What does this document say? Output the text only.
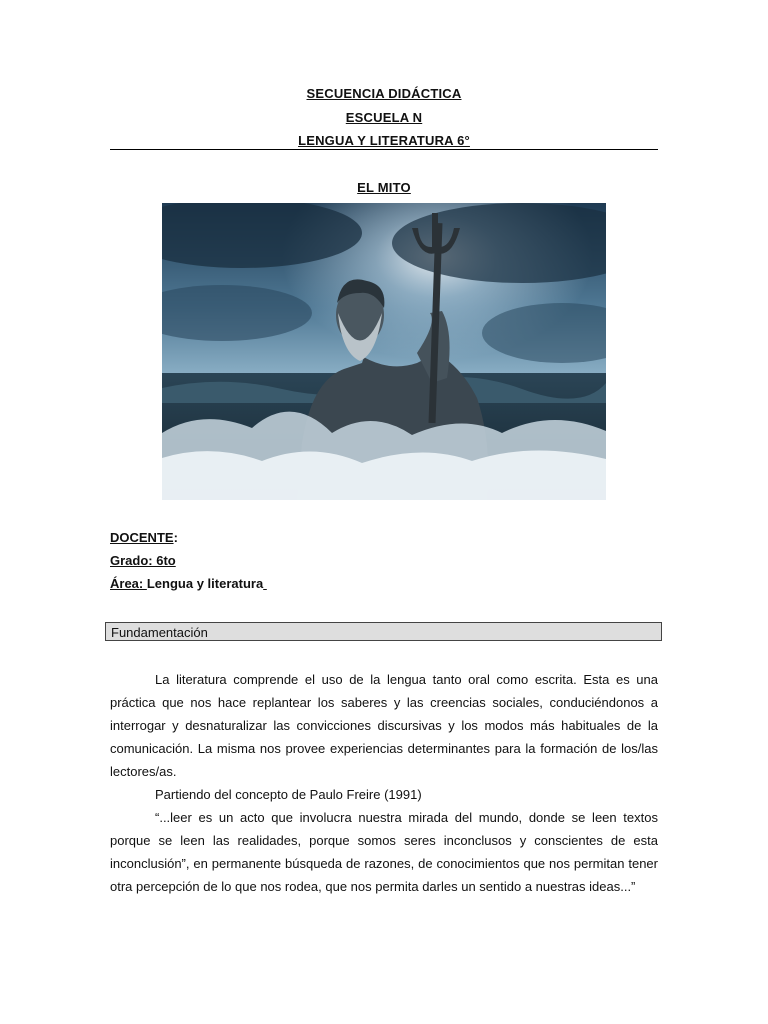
SECUENCIA DIDÁCTICA
ESCUELA N
LENGUA Y LITERATURA 6°
EL MITO
DOCENTE:
Grado: 6to
Área: Lengua y literatura
Fundamentación

La literatura comprende el uso de la lengua tanto oral como escrita. Esta es una práctica que nos hace replantear los saberes y las creencias sociales, conduciéndonos a interrogar y desnaturalizar las convicciones discursivas y los modos más habituales de la comunicación. La misma nos provee experiencias determinantes para la formación de los/las lectores/as.

Partiendo del concepto de Paulo Freire (1991)

“...leer es un acto que involucra nuestra mirada del mundo, donde se leen textos porque se leen las realidades, porque somos seres inconclusos y conscientes de esta inconclusión”, en permanente búsqueda de razones, de conocimientos que nos permitan tener otra percepción de lo que nos rodea, que nos permita darles un sentido a nuestras ideas...”
